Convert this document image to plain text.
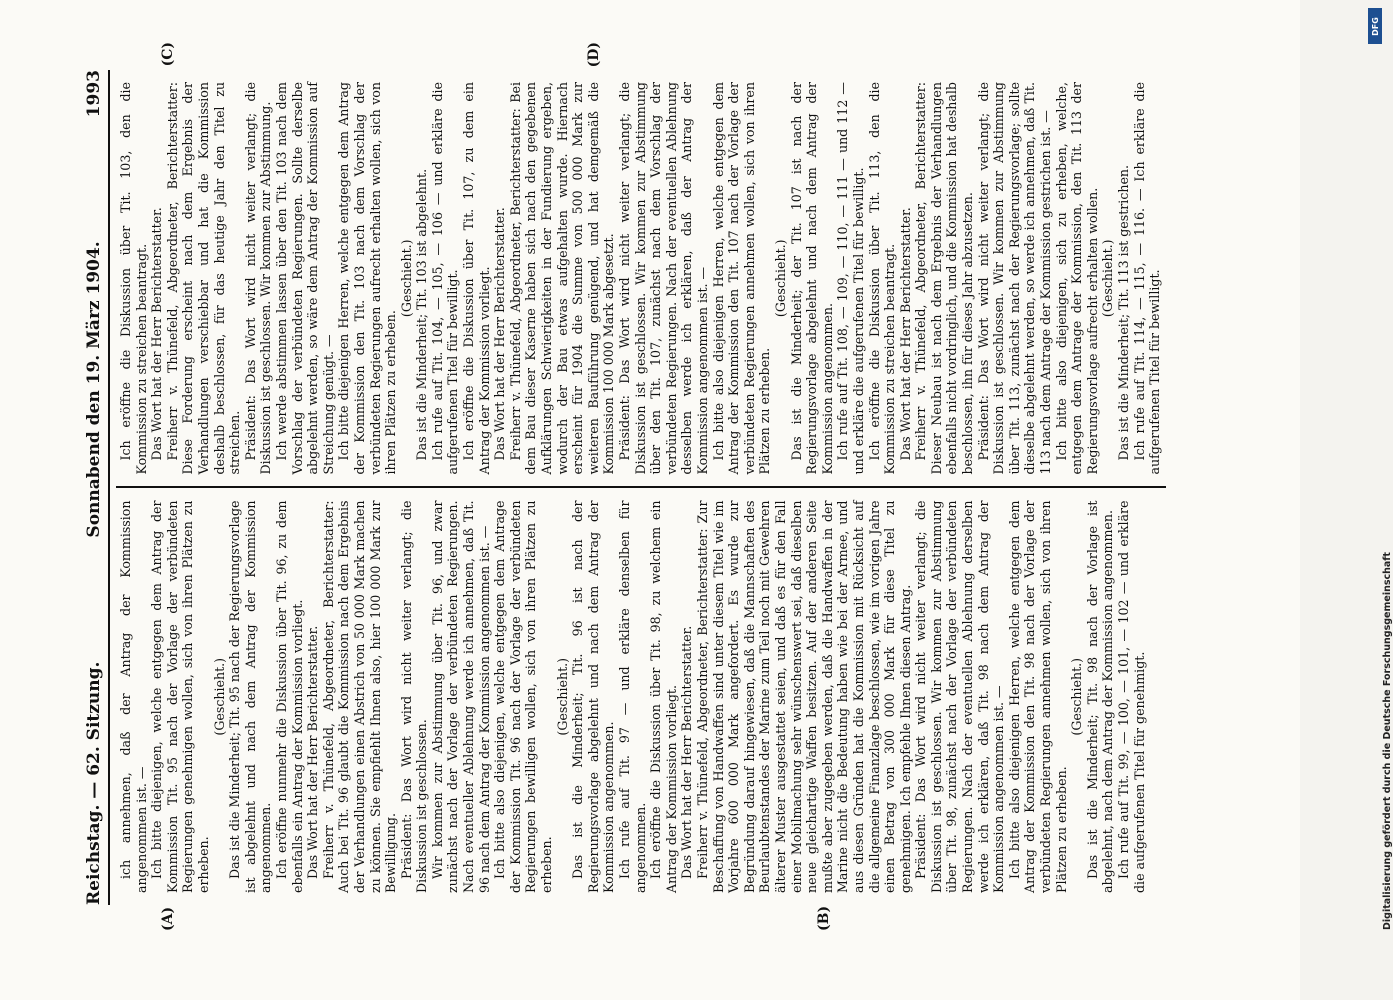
Reichstag. — 62. Sitzung.
Sonnabend den 19. März 1904.
1993
(A)	(B)
(C)	(D)

ich annehmen, daß der Antrag der Kommission angenommen ist. — Ich bitte diejenigen, welche entgegen dem Antrag der Kommission Tit. 95 nach der Vorlage der verbündeten Regierungen genehmigen wollen, sich von ihren Plätzen zu erheben.

(Geschieht.) Das ist die Minderheit; Tit. 95 nach der Regierungsvorlage ist abgelehnt und nach dem Antrag der Kommission angenommen. Ich eröffne nunmehr die Diskussion über Tit. 96, zu dem ebenfalls ein Antrag der Kommission vorliegt. Das Wort hat der Herr Berichterstatter. Freiherr v. Thünefeld, Abgeordneter, Berichterstatter: Auch bei Tit. 96 glaubt die Kommission nach dem Ergebnis der Verhandlungen einen Abstrich von 50 000 Mark machen zu können. Sie empfiehlt Ihnen also, hier 100 000 Mark zur Bewilligung. Präsident: Das Wort wird nicht weiter verlangt; die Diskussion ist geschlossen. Wir kommen zur Abstimmung über Tit. 96, und zwar zunächst nach der Vorlage der verbündeten Regierungen. Nach eventueller Ablehnung werde ich annehmen, daß Tit. 96 nach dem Antrag der Kommission angenommen ist. — Ich bitte also diejenigen, welche entgegen dem Antrage der Kommission Tit. 96 nach der Vorlage der verbündeten Regierungen bewilligen wollen, sich von ihren Plätzen zu erheben.

(Geschieht.) Das ist die Minderheit; Tit. 96 ist nach der Regierungsvorlage abgelehnt und nach dem Antrag der Kommission angenommen. Ich rufe auf Tit. 97 — und erkläre denselben für angenommen. Ich eröffne die Diskussion über Tit. 98, zu welchem ein Antrag der Kommission vorliegt. Das Wort hat der Herr Berichterstatter. Freiherr v. Thünefeld, Abgeordneter, Berichterstatter: Zur Beschaffung von Handwaffen sind unter diesem Titel wie im Vorjahre 600 000 Mark angefordert. Es wurde zur Begründung darauf hingewiesen, daß die Mannschaften des Beurlaubtenstandes der Marine zum Teil noch mit Gewehren älterer Muster ausgestattet seien, und daß es für den Fall einer Mobilmachung sehr wünschenswert sei, daß dieselben neue gleichartige Waffen besitzen. Auf der anderen Seite mußte aber zugegeben werden, daß die Handwaffen in der Marine nicht die Bedeutung haben wie bei der Armee, und aus diesen Gründen hat die Kommission mit Rücksicht auf die allgemeine Finanzlage beschlossen, wie im vorigen Jahre einen Betrag von 300 000 Mark für diese Titel zu genehmigen. Ich empfehle Ihnen diesen Antrag. Präsident: Das Wort wird nicht weiter verlangt; die Diskussion ist geschlossen. Wir kommen zur Abstimmung über Tit. 98, zunächst nach der Vorlage der verbündeten Regierungen. Nach der eventuellen Ablehnung derselben werde ich erklären, daß Tit. 98 nach dem Antrag der Kommission angenommen ist. — Ich bitte also diejenigen Herren, welche entgegen dem Antrag der Kommission den Tit. 98 nach der Vorlage der verbündeten Regierungen annehmen wollen, sich von ihren Plätzen zu erheben.

(Geschieht.) Das ist die Minderheit; Tit. 98 nach der Vorlage ist abgelehnt, nach dem Antrag der Kommission angenommen. Ich rufe auf Tit. 99, — 100, — 101, — 102 — und erkläre die aufgerufenen Titel für genehmigt.

Ich eröffne die Diskussion über Tit. 103, den die Kommission zu streichen beantragt. Das Wort hat der Herr Berichterstatter. Freiherr v. Thünefeld, Abgeordneter, Berichterstatter: Diese Forderung erscheint nach dem Ergebnis der Verhandlungen verschiebbar und hat die Kommission deshalb beschlossen, für das heutige Jahr den Titel zu streichen. Präsident: Das Wort wird nicht weiter verlangt; die Diskussion ist geschlossen. Wir kommen zur Abstimmung. Ich werde abstimmen lassen über den Tit. 103 nach dem Vorschlag der verbündeten Regierungen. Sollte derselbe abgelehnt werden, so wäre dem Antrag der Kommission auf Streichung genügt. — Ich bitte diejenigen Herren, welche entgegen dem Antrag der Kommission den Tit. 103 nach dem Vorschlag der verbündeten Regierungen aufrecht erhalten wollen, sich von ihren Plätzen zu erheben.

(Geschieht.) Das ist die Minderheit; Tit. 103 ist abgelehnt. Ich rufe auf Tit. 104, — 105, — 106 — und erkläre die aufgerufenen Titel für bewilligt. Ich eröffne die Diskussion über Tit. 107, zu dem ein Antrag der Kommission vorliegt. Das Wort hat der Herr Berichterstatter. Freiherr v. Thünefeld, Abgeordneter, Berichterstatter: Bei dem Bau dieser Kaserne haben sich nach den gegebenen Aufklärungen Schwierigkeiten in der Fundierung ergeben, wodurch der Bau etwas aufgehalten wurde. Hiernach erscheint für 1904 die Summe von 500 000 Mark zur weiteren Bauführung genügend, und hat demgemäß die Kommission 100 000 Mark abgesetzt. Präsident: Das Wort wird nicht weiter verlangt; die Diskussion ist geschlossen. Wir kommen zur Abstimmung über den Tit. 107, zunächst nach dem Vorschlag der verbündeten Regierungen. Nach der eventuellen Ablehnung desselben werde ich erklären, daß der Antrag der Kommission angenommen ist. — Ich bitte also diejenigen Herren, welche entgegen dem Antrag der Kommission den Tit. 107 nach der Vorlage der verbündeten Regierungen annehmen wollen, sich von ihren Plätzen zu erheben.

(Geschieht.) Das ist die Minderheit; der Tit. 107 ist nach der Regierungsvorlage abgelehnt und nach dem Antrag der Kommission angenommen. Ich rufe auf Tit. 108, — 109, — 110, — 111 — und 112 — und erkläre die aufgerufenen Titel für bewilligt. Ich eröffne die Diskussion über Tit. 113, den die Kommission zu streichen beantragt. Das Wort hat der Herr Berichterstatter. Freiherr v. Thünefeld, Abgeordneter, Berichterstatter: Dieser Neubau ist nach dem Ergebnis der Verhandlungen ebenfalls nicht vordringlich, und die Kommission hat deshalb beschlossen, ihn für dieses Jahr abzusetzen. Präsident: Das Wort wird nicht weiter verlangt; die Diskussion ist geschlossen. Wir kommen zur Abstimmung über Tit. 113, zunächst nach der Regierungsvorlage; sollte dieselbe abgelehnt werden, so werde ich annehmen, daß Tit. 113 nach dem Antrage der Kommission gestrichen ist. — Ich bitte also diejenigen, sich zu erheben, welche, entgegen dem Antrage der Kommission, den Tit. 113 der Regierungsvorlage aufrecht erhalten wollen. (Geschieht.) Das ist die Minderheit; Tit. 113 ist gestrichen. Ich rufe auf Tit. 114, — 115, — 116. — Ich erkläre die aufgerufenen Titel für bewilligt.

DFG
Digitalisierung gefördert durch die Deutsche Forschungsgemeinschaft
